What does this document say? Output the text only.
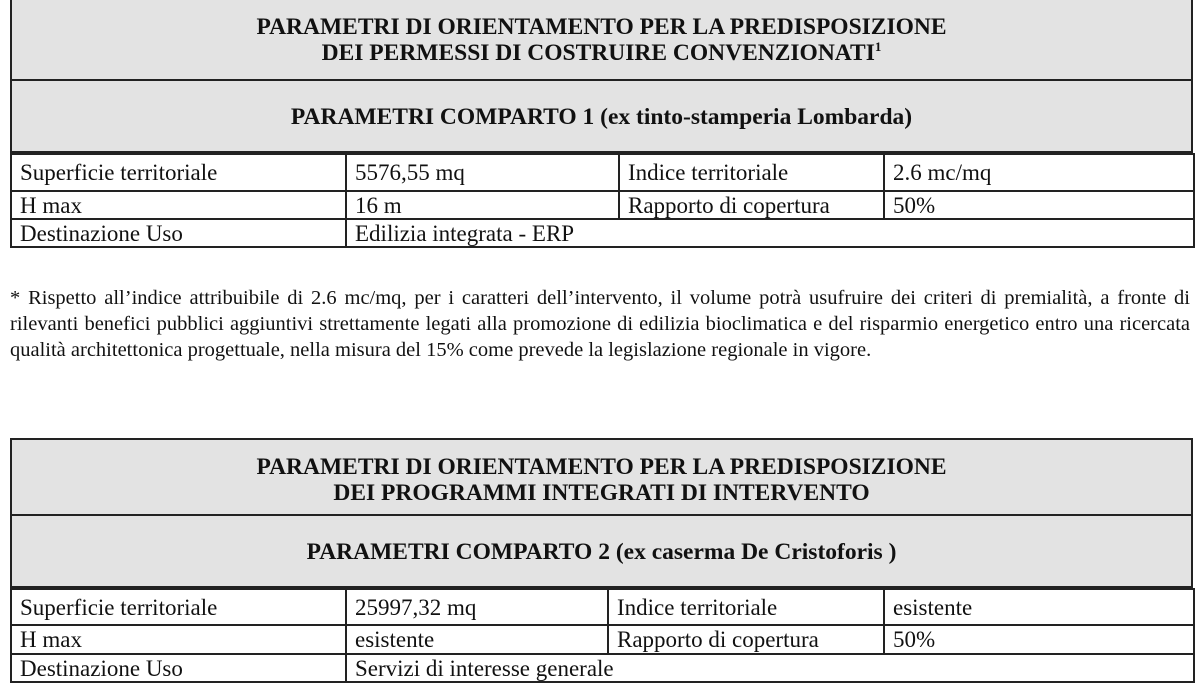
PARAMETRI DI ORIENTAMENTO PER LA PREDISPOSIZIONE
DEI PERMESSI DI COSTRUIRE CONVENZIONATI$^1$
PARAMETRI COMPARTO 1 (ex tinto-stamperia Lombarda)
Superficie territoriale	5576,55 mq	Indice territoriale	2.6 mc/mq
H max	16 m	Rapporto di copertura	50%
Destinazione Uso	Edilizia integrata - ERP		
* Rispetto all’indice attribuibile di 2.6 mc/mq, per i caratteri dell’intervento, il volume potrà usufruire dei criteri di premialità, a fronte di rilevanti benefici pubblici aggiuntivi strettamente legati alla promozione di edilizia bioclimatica e del risparmio energetico entro una ricercata qualità architettonica progettuale, nella misura del 15% come prevede la legislazione regionale in vigore.
PARAMETRI DI ORIENTAMENTO PER LA PREDISPOSIZIONE
DEI PROGRAMMI INTEGRATI DI INTERVENTO
PARAMETRI COMPARTO 2 (ex caserma De Cristoforis )
Superficie territoriale	25997,32 mq	Indice territoriale	esistente
H max	esistente	Rapporto di copertura	50%
Destinazione Uso	Servizi di interesse generale		
